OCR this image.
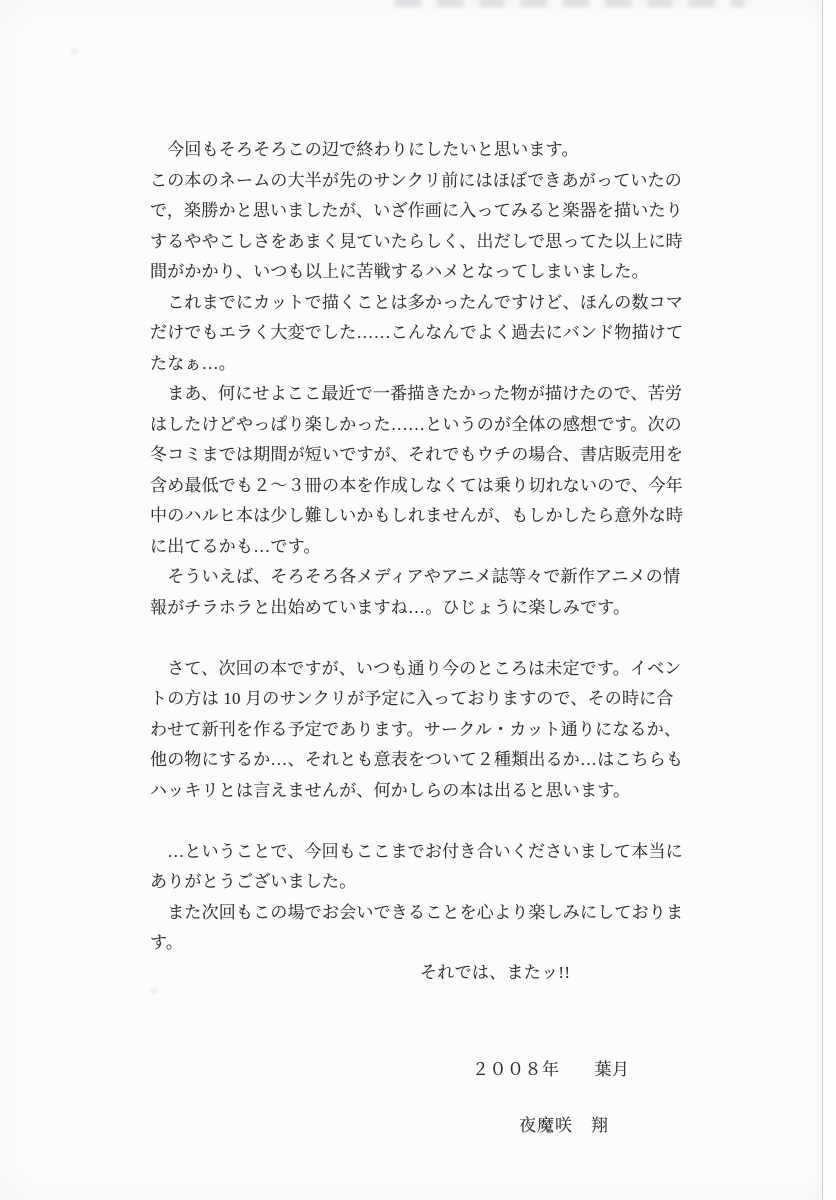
　今回もそろそろこの辺で終わりにしたいと思います。
この本のネームの大半が先のサンクリ前にはほぼできあがっていたの
で，楽勝かと思いましたが、いざ作画に入ってみると楽器を描いたり
するややこしさをあまく見ていたらしく、出だしで思ってた以上に時
間がかかり、いつも以上に苦戦するハメとなってしまいました。
　これまでにカットで描くことは多かったんですけど、ほんの数コマ
だけでもエラく大変でした……こんなんでよく過去にバンド物描けて
たなぁ…。
　まあ、何にせよここ最近で一番描きたかった物が描けたので、苦労
はしたけどやっぱり楽しかった……というのが全体の感想です。次の
冬コミまでは期間が短いですが、それでもウチの場合、書店販売用を
含め最低でも２～３冊の本を作成しなくては乗り切れないので、今年
中のハルヒ本は少し難しいかもしれませんが、もしかしたら意外な時
に出てるかも…です。
　そういえば、そろそろ各メディアやアニメ誌等々で新作アニメの情
報がチラホラと出始めていますね…。ひじょうに楽しみです。
　さて、次回の本ですが、いつも通り今のところは未定です。イベン
トの方は 10 月のサンクリが予定に入っておりますので、その時に合
わせて新刊を作る予定であります。サークル・カット通りになるか、
他の物にするか…、それとも意表をついて２種類出るか…はこちらも
ハッキリとは言えませんが、何かしらの本は出ると思います。
　…ということで、今回もここまでお付き合いくださいまして本当に
ありがとうございました。
　また次回もこの場でお会いできることを心より楽しみにしておりま
す。
それでは、またッ!!
２００８年　　葉月
夜魔咲　翔
